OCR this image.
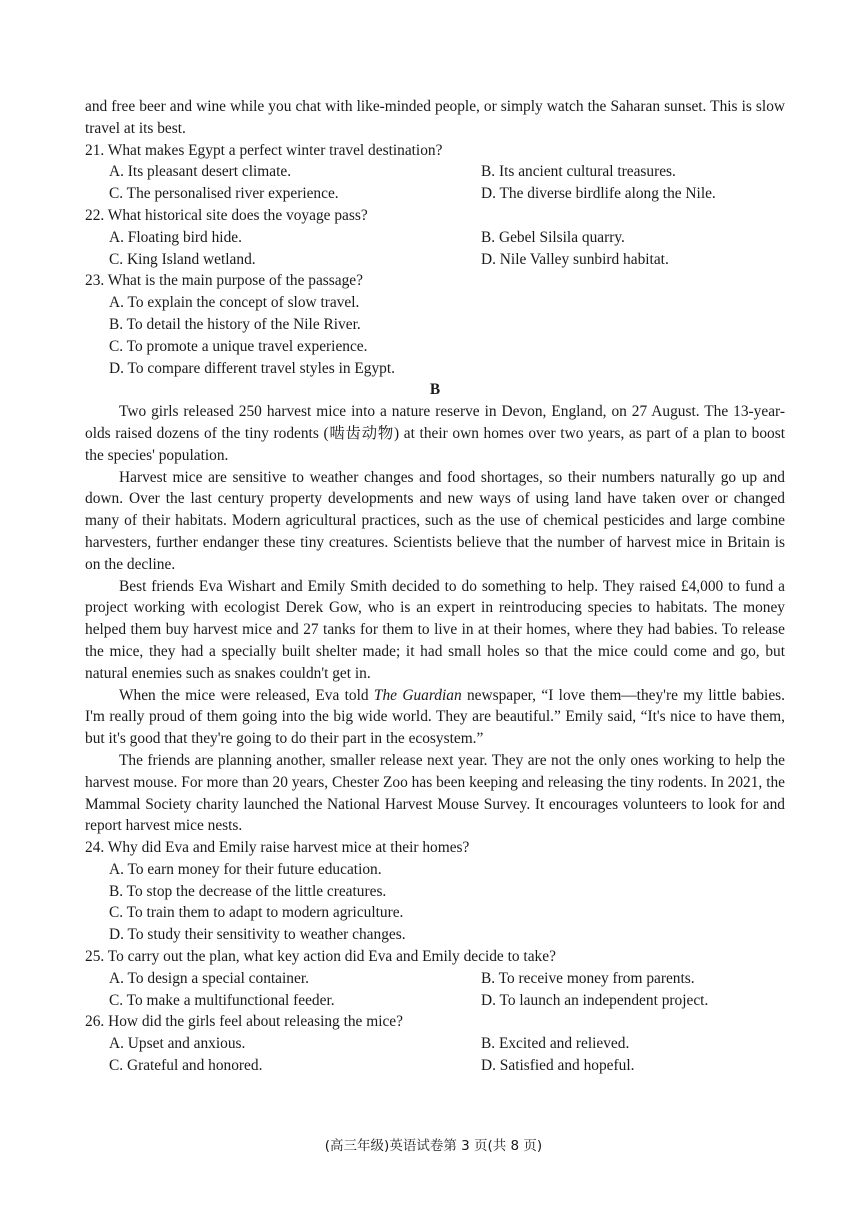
and free beer and wine while you chat with like-minded people, or simply watch the Saharan sunset. This is slow travel at its best.

21. What makes Egypt a perfect winter travel destination?

A. Its pleasant desert climate.	B. Its ancient cultural treasures.
C. The personalised river experience.	D. The diverse birdlife along the Nile.

22. What historical site does the voyage pass?

A. Floating bird hide.	B. Gebel Silsila quarry.
C. King Island wetland.	D. Nile Valley sunbird habitat.

23. What is the main purpose of the passage?

A. To explain the concept of slow travel.

B. To detail the history of the Nile River.

C. To promote a unique travel experience.

D. To compare different travel styles in Egypt.

B

Two girls released 250 harvest mice into a nature reserve in Devon, England, on 27 August. The 13-year-olds raised dozens of the tiny rodents (啮齿动物) at their own homes over two years, as part of a plan to boost the species' population.

Harvest mice are sensitive to weather changes and food shortages, so their numbers naturally go up and down. Over the last century property developments and new ways of using land have taken over or changed many of their habitats. Modern agricultural practices, such as the use of chemical pesticides and large combine harvesters, further endanger these tiny creatures. Scientists believe that the number of harvest mice in Britain is on the decline.

Best friends Eva Wishart and Emily Smith decided to do something to help. They raised £4,000 to fund a project working with ecologist Derek Gow, who is an expert in reintroducing species to habitats. The money helped them buy harvest mice and 27 tanks for them to live in at their homes, where they had babies. To release the mice, they had a specially built shelter made; it had small holes so that the mice could come and go, but natural enemies such as snakes couldn't get in.

When the mice were released, Eva told The Guardian newspaper, “I love them—they're my little babies. I'm really proud of them going into the big wide world. They are beautiful.” Emily said, “It's nice to have them, but it's good that they're going to do their part in the ecosystem.”

The friends are planning another, smaller release next year. They are not the only ones working to help the harvest mouse. For more than 20 years, Chester Zoo has been keeping and releasing the tiny rodents. In 2021, the Mammal Society charity launched the National Harvest Mouse Survey. It encourages volunteers to look for and report harvest mice nests.

24. Why did Eva and Emily raise harvest mice at their homes?

A. To earn money for their future education.

B. To stop the decrease of the little creatures.

C. To train them to adapt to modern agriculture.

D. To study their sensitivity to weather changes.

25. To carry out the plan, what key action did Eva and Emily decide to take?

A. To design a special container.	B. To receive money from parents.
C. To make a multifunctional feeder.	D. To launch an independent project.

26. How did the girls feel about releasing the mice?

A. Upset and anxious.	B. Excited and relieved.
C. Grateful and honored.	D. Satisfied and hopeful.
(高三年级)英语试卷第 3 页(共 8 页)
